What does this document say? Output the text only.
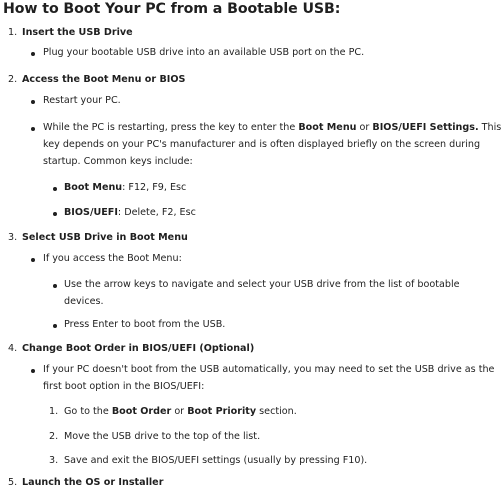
How to Boot Your PC from a Bootable USB:
1. Insert the USB Drive
Plug your bootable USB drive into an available USB port on the PC.
2. Access the Boot Menu or BIOS
Restart your PC.
While the PC is restarting, press the key to enter the Boot Menu or BIOS/UEFI Settings. This
key depends on your PC's manufacturer and is often displayed briefly on the screen during
startup. Common keys include:
Boot Menu: F12, F9, Esc
BIOS/UEFI: Delete, F2, Esc
3. Select USB Drive in Boot Menu
If you access the Boot Menu:
Use the arrow keys to navigate and select your USB drive from the list of bootable
devices.
Press Enter to boot from the USB.
4. Change Boot Order in BIOS/UEFI (Optional)
If your PC doesn't boot from the USB automatically, you may need to set the USB drive as the
first boot option in the BIOS/UEFI:
1. Go to the Boot Order or Boot Priority section.
2. Move the USB drive to the top of the list.
3. Save and exit the BIOS/UEFI settings (usually by pressing F10).
5. Launch the OS or Installer
